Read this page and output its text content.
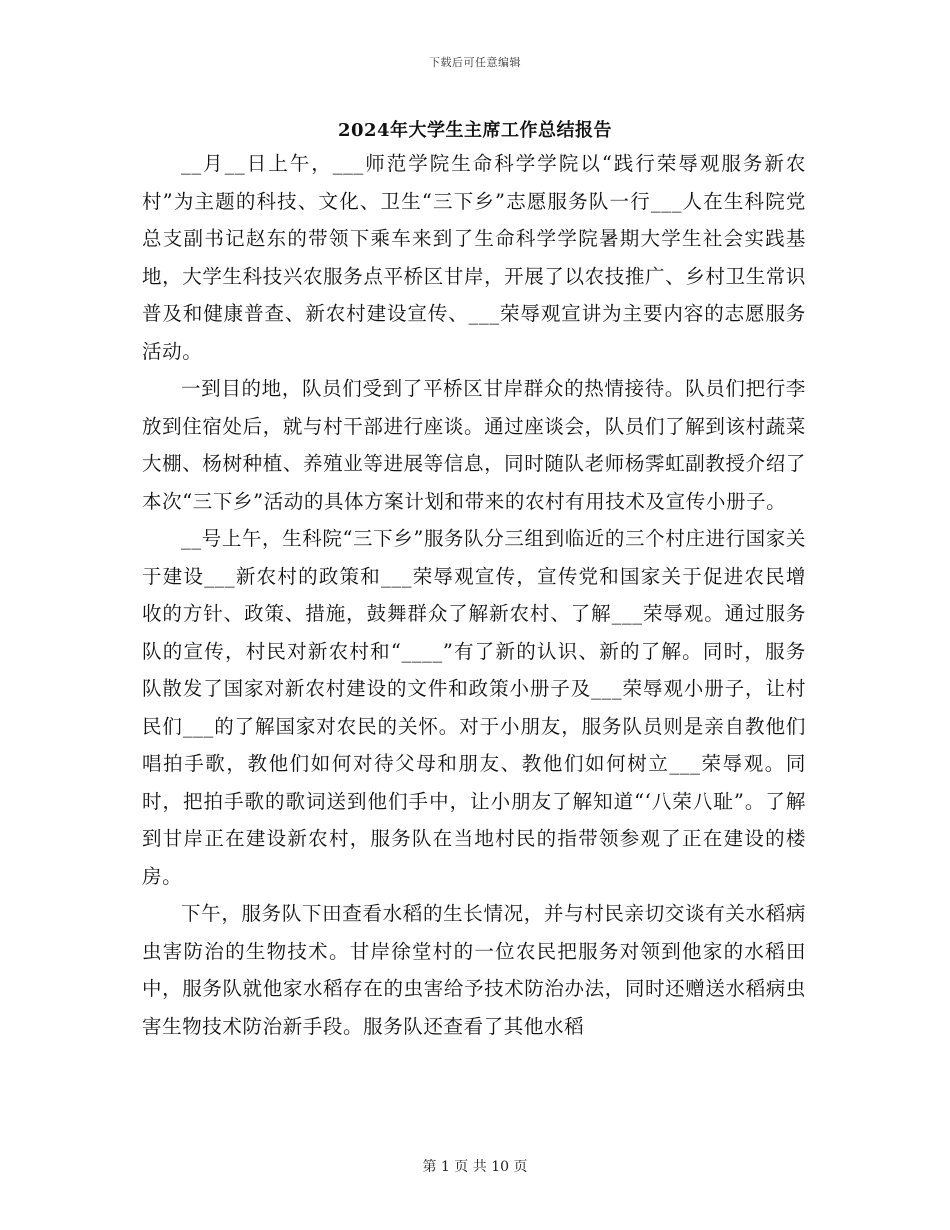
下载后可任意编辑
2024年大学生主席工作总结报告

__月__日上午，___师范学院生命科学学院以“践行荣辱观服务新农村”为主题的科技、文化、卫生“三下乡”志愿服务队一行___人在生科院党总支副书记赵东的带领下乘车来到了生命科学学院暑期大学生社会实践基地，大学生科技兴农服务点平桥区甘岸，开展了以农技推广、乡村卫生常识普及和健康普查、新农村建设宣传、___荣辱观宣讲为主要内容的志愿服务活动。

一到目的地，队员们受到了平桥区甘岸群众的热情接待。队员们把行李放到住宿处后，就与村干部进行座谈。通过座谈会，队员们了解到该村蔬菜大棚、杨树种植、养殖业等进展等信息，同时随队老师杨霁虹副教授介绍了本次“三下乡”活动的具体方案计划和带来的农村有用技术及宣传小册子。

__号上午，生科院“三下乡”服务队分三组到临近的三个村庄进行国家关于建设___新农村的政策和___荣辱观宣传，宣传党和国家关于促进农民增收的方针、政策、措施，鼓舞群众了解新农村、了解___荣辱观。通过服务队的宣传，村民对新农村和“____”有了新的认识、新的了解。同时，服务队散发了国家对新农村建设的文件和政策小册子及___荣辱观小册子，让村民们___的了解国家对农民的关怀。对于小朋友，服务队员则是亲自教他们唱拍手歌，教他们如何对待父母和朋友、教他们如何树立___荣辱观。同时，把拍手歌的歌词送到他们手中，让小朋友了解知道“‘八荣八耻”。了解到甘岸正在建设新农村，服务队在当地村民的指带领参观了正在建设的楼房。

下午，服务队下田查看水稻的生长情况，并与村民亲切交谈有关水稻病虫害防治的生物技术。甘岸徐堂村的一位农民把服务对领到他家的水稻田中，服务队就他家水稻存在的虫害给予技术防治办法，同时还赠送水稻病虫害生物技术防治新手段。服务队还查看了其他水稻

第 1 页 共 10 页
